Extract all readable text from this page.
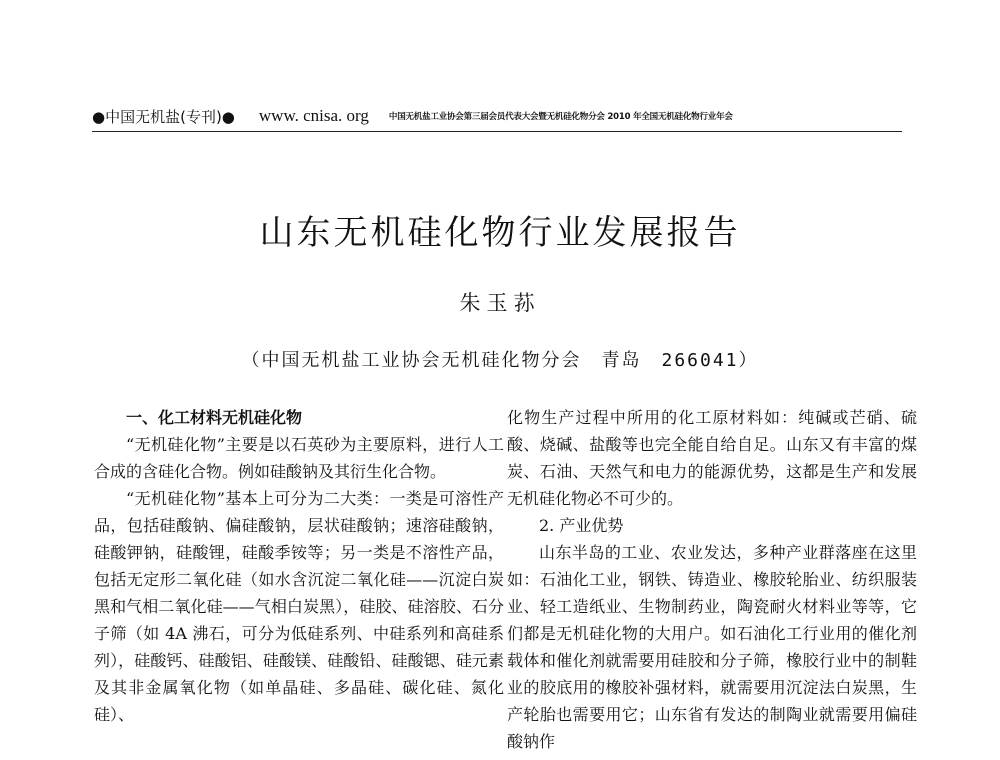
●中国无机盐(专刊)● www. cnisa. org 中国无机盐工业协会第三届会员代表大会暨无机硅化物分会 2010 年全国无机硅化物行业年会
山东无机硅化物行业发展报告
朱玉荪
（中国无机盐工业协会无机硅化物分会　青岛　266041）

一、化工材料无机硅化物

“无机硅化物”主要是以石英砂为主要原料，进行人工合成的含硅化合物。例如硅酸钠及其衍生化合物。

“无机硅化物”基本上可分为二大类：一类是可溶性产品，包括硅酸钠、偏硅酸钠，层状硅酸钠；速溶硅酸钠，硅酸钾钠，硅酸锂，硅酸季铵等；另一类是不溶性产品，包括无定形二氧化硅（如水含沉淀二氧化硅——沉淀白炭黑和气相二氧化硅——气相白炭黑），硅胶、硅溶胶、石分子筛（如 4A 沸石，可分为低硅系列、中硅系列和高硅系列），硅酸钙、硅酸铝、硅酸镁、硅酸铅、硅酸锶、硅元素及其非金属氧化物（如单晶硅、多晶硅、碳化硅、氮化硅）、

化物生产过程中所用的化工原材料如：纯碱或芒硝、硫酸、烧碱、盐酸等也完全能自给自足。山东又有丰富的煤炭、石油、天然气和电力的能源优势，这都是生产和发展无机硅化物必不可少的。

2. 产业优势

山东半岛的工业、农业发达，多种产业群落座在这里如：石油化工业，钢铁、铸造业、橡胶轮胎业、纺织服装业、轻工造纸业、生物制药业，陶瓷耐火材料业等等，它们都是无机硅化物的大用户。如石油化工行业用的催化剂载体和催化剂就需要用硅胶和分子筛，橡胶行业中的制鞋业的胶底用的橡胶补强材料，就需要用沉淀法白炭黑，生产轮胎也需要用它；山东省有发达的制陶业就需要用偏硅酸钠作
